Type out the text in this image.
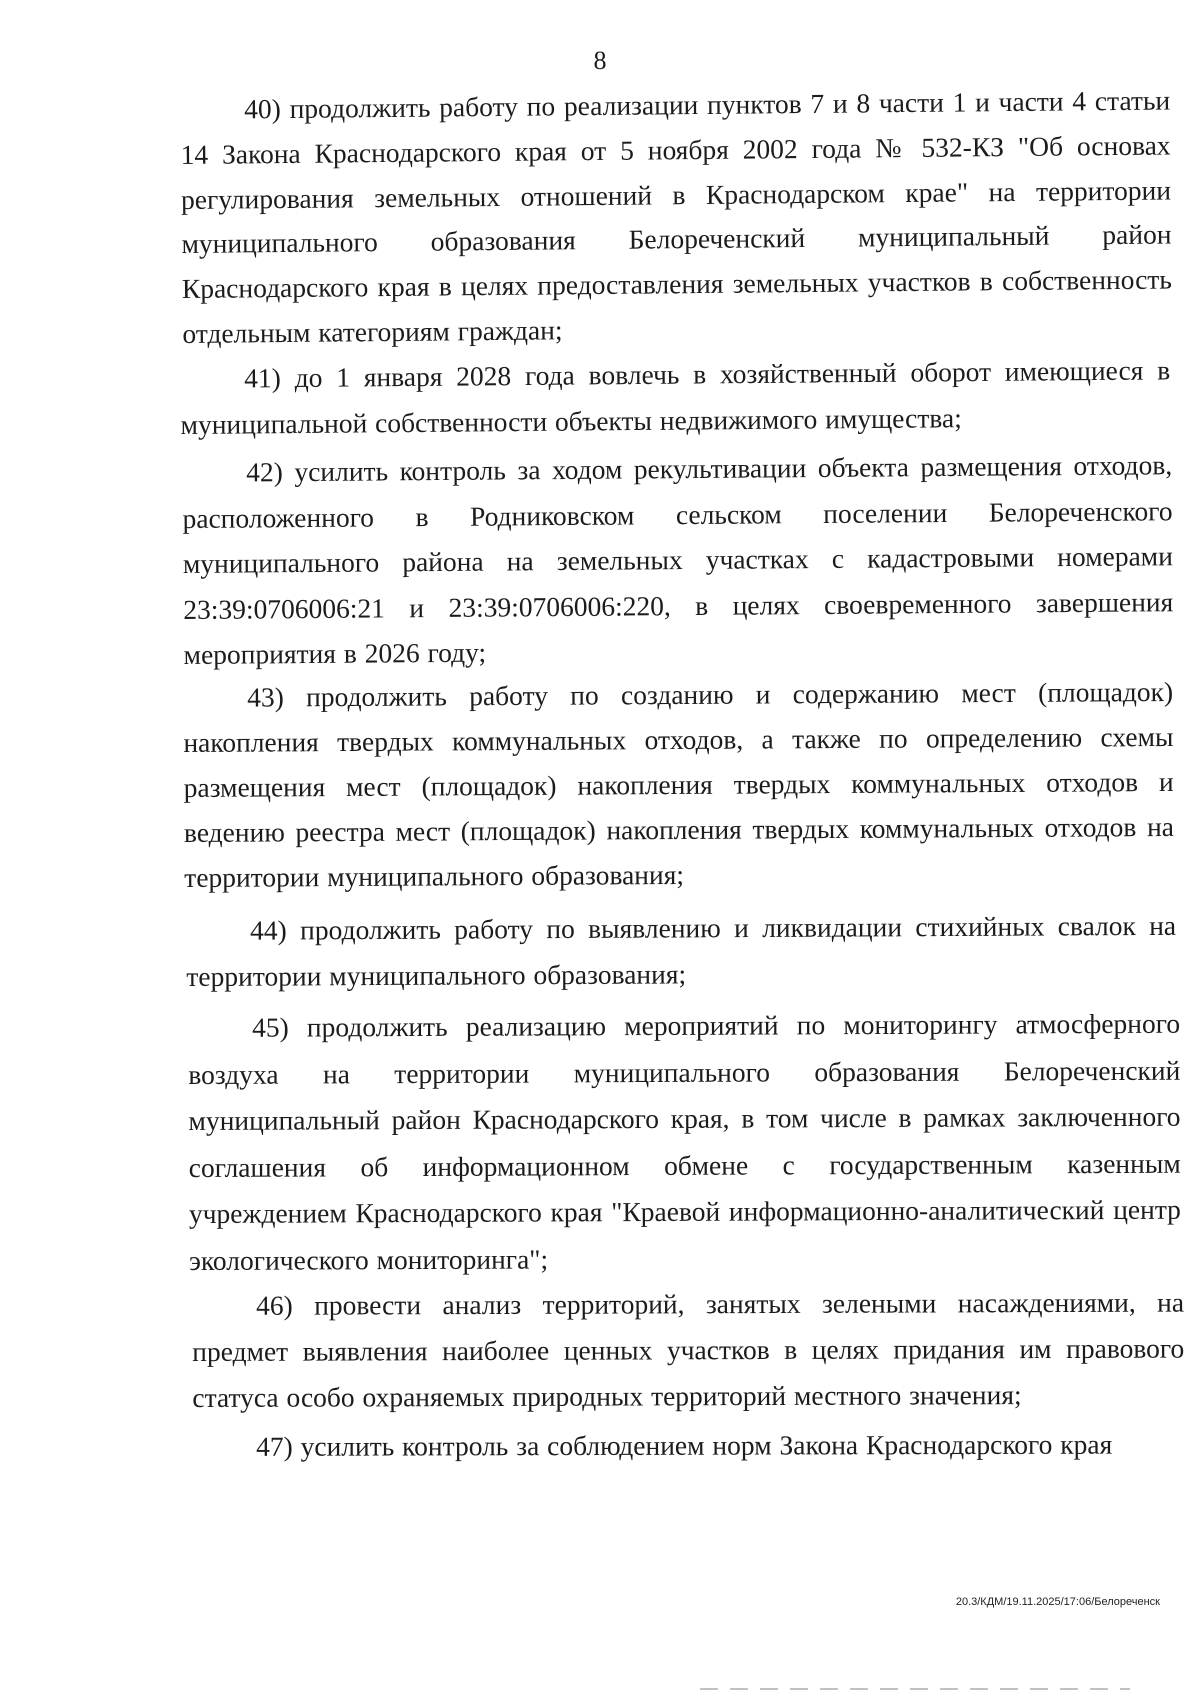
8

40) продолжить работу по реализации пунктов 7 и 8 части 1 и части 4 статьи 14 Закона Краснодарского края от 5 ноября 2002 года № 532-КЗ "Об основах регулирования земельных отношений в Краснодарском крае" на территории муниципального образования Белореченский муниципальный район Краснодарского края в целях предоставления земельных участков в собственность отдельным категориям граждан;

41) до 1 января 2028 года вовлечь в хозяйственный оборот имеющиеся в муниципальной собственности объекты недвижимого имущества;

42) усилить контроль за ходом рекультивации объекта размещения отходов, расположенного в Родниковском сельском поселении Белореченского муниципального района на земельных участках с кадастровыми номерами 23:39:0706006:21 и 23:39:0706006:220, в целях своевременного завершения мероприятия в 2026 году;

43) продолжить работу по созданию и содержанию мест (площадок) накопления твердых коммунальных отходов, а также по определению схемы размещения мест (площадок) накопления твердых коммунальных отходов и ведению реестра мест (площадок) накопления твердых коммунальных отходов на территории муниципального образования;

44) продолжить работу по выявлению и ликвидации стихийных свалок на территории муниципального образования;

45) продолжить реализацию мероприятий по мониторингу атмосферного воздуха на территории муниципального образования Белореченский муниципальный район Краснодарского края, в том числе в рамках заключенного соглашения об информационном обмене с государственным казенным учреждением Краснодарского края "Краевой информационно-аналитический центр экологического мониторинга";

46) провести анализ территорий, занятых зелеными насаждениями, на предмет выявления наиболее ценных участков в целях придания им правового статуса особо охраняемых природных территорий местного значения;

47) усилить контроль за соблюдением норм Закона Краснодарского края

20.3/КДМ/19.11.2025/17:06/Белореченск
